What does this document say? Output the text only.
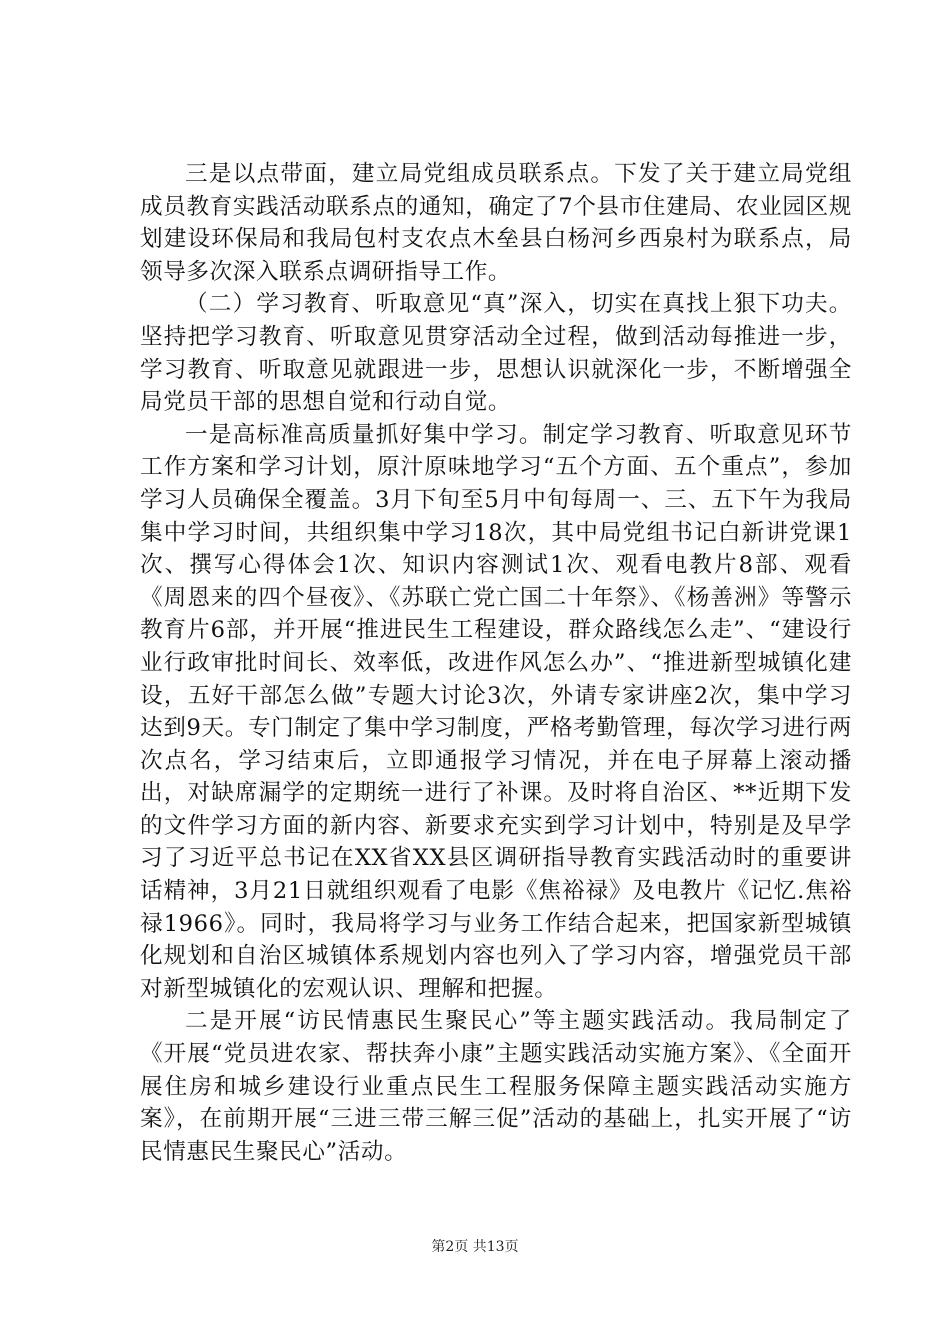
三是以点带面，建立局党组成员联系点。下发了关于建立局党组成员教育实践活动联系点的通知，确定了7个县市住建局、农业园区规划建设环保局和我局包村支农点木垒县白杨河乡西泉村为联系点，局领导多次深入联系点调研指导工作。

（二）学习教育、听取意见“真”深入，切实在真找上狠下功夫。坚持把学习教育、听取意见贯穿活动全过程，做到活动每推进一步，学习教育、听取意见就跟进一步，思想认识就深化一步，不断增强全局党员干部的思想自觉和行动自觉。

一是高标准高质量抓好集中学习。制定学习教育、听取意见环节工作方案和学习计划，原汁原味地学习“五个方面、五个重点”，参加学习人员确保全覆盖。3月下旬至5月中旬每周一、三、五下午为我局集中学习时间，共组织集中学习18次，其中局党组书记白新讲党课1次、撰写心得体会1次、知识内容测试1次、观看电教片8部、观看《周恩来的四个昼夜》、《苏联亡党亡国二十年祭》、《杨善洲》等警示教育片6部，并开展“推进民生工程建设，群众路线怎么走”、“建设行业行政审批时间长、效率低，改进作风怎么办”、“推进新型城镇化建设，五好干部怎么做”专题大讨论3次，外请专家讲座2次，集中学习达到9天。专门制定了集中学习制度，严格考勤管理，每次学习进行两次点名，学习结束后，立即通报学习情况，并在电子屏幕上滚动播出，对缺席漏学的定期统一进行了补课。及时将自治区、**近期下发的文件学习方面的新内容、新要求充实到学习计划中，特别是及早学习了习近平总书记在XX省XX县区调研指导教育实践活动时的重要讲话精神，3月21日就组织观看了电影《焦裕禄》及电教片《记忆.焦裕禄1966》。同时，我局将学习与业务工作结合起来，把国家新型城镇化规划和自治区城镇体系规划内容也列入了学习内容，增强党员干部对新型城镇化的宏观认识、理解和把握。

二是开展“访民情惠民生聚民心”等主题实践活动。我局制定了《开展“党员进农家、帮扶奔小康”主题实践活动实施方案》、《全面开展住房和城乡建设行业重点民生工程服务保障主题实践活动实施方案》，在前期开展“三进三带三解三促”活动的基础上，扎实开展了“访民情惠民生聚民心”活动。

第2页 共13页
